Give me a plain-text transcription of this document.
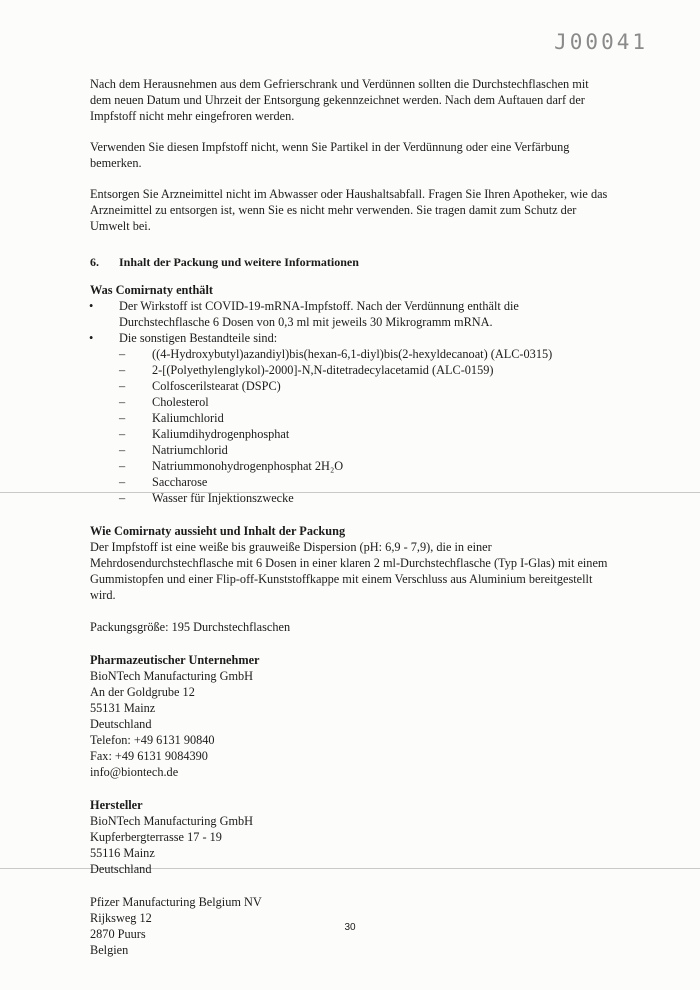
J00041

Nach dem Herausnehmen aus dem Gefrierschrank und Verdünnen sollten die Durchstechflaschen mit dem neuen Datum und Uhrzeit der Entsorgung gekennzeichnet werden. Nach dem Auftauen darf der Impfstoff nicht mehr eingefroren werden.

Verwenden Sie diesen Impfstoff nicht, wenn Sie Partikel in der Verdünnung oder eine Verfärbung bemerken.

Entsorgen Sie Arzneimittel nicht im Abwasser oder Haushaltsabfall. Fragen Sie Ihren Apotheker, wie das Arzneimittel zu entsorgen ist, wenn Sie es nicht mehr verwenden. Sie tragen damit zum Schutz der Umwelt bei.

6.	Inhalt der Packung und weitere Informationen

Was Comirnaty enthält

• Der Wirkstoff ist COVID-19-mRNA-Impfstoff. Nach der Verdünnung enthält die Durchstechflasche 6 Dosen von 0,3 ml mit jeweils 30 Mikrogramm mRNA.
• Die sonstigen Bestandteile sind:
– ((4-Hydroxybutyl)azandiyl)bis(hexan-6,1-diyl)bis(2-hexyldecanoat) (ALC-0315)
– 2-[(Polyethylenglykol)-2000]-N,N-ditetradecylacetamid (ALC-0159)
– Colfoscerilstearat (DSPC)
– Cholesterol
– Kaliumchlorid
– Kaliumdihydrogenphosphat
– Natriumchlorid
– Natriummonohydrogenphosphat 2H₂O
– Saccharose
– Wasser für Injektionszwecke

Wie Comirnaty aussieht und Inhalt der Packung

Der Impfstoff ist eine weiße bis grauweiße Dispersion (pH: 6,9 - 7,9), die in einer Mehrdosendurchstechflasche mit 6 Dosen in einer klaren 2 ml-Durchstechflasche (Typ I-Glas) mit einem Gummistopfen und einer Flip-off-Kunststoffkappe mit einem Verschluss aus Aluminium bereitgestellt wird.

Packungsgröße: 195 Durchstechflaschen

Pharmazeutischer Unternehmer

BioNTech Manufacturing GmbH
An der Goldgrube 12
55131 Mainz
Deutschland
Telefon: +49 6131 90840
Fax: +49 6131 9084390
info@biontech.de

Hersteller

BioNTech Manufacturing GmbH
Kupferbergterrasse 17 - 19
55116 Mainz
Deutschland
Pfizer Manufacturing Belgium NV
Rijksweg 12
2870 Puurs
Belgien
30
